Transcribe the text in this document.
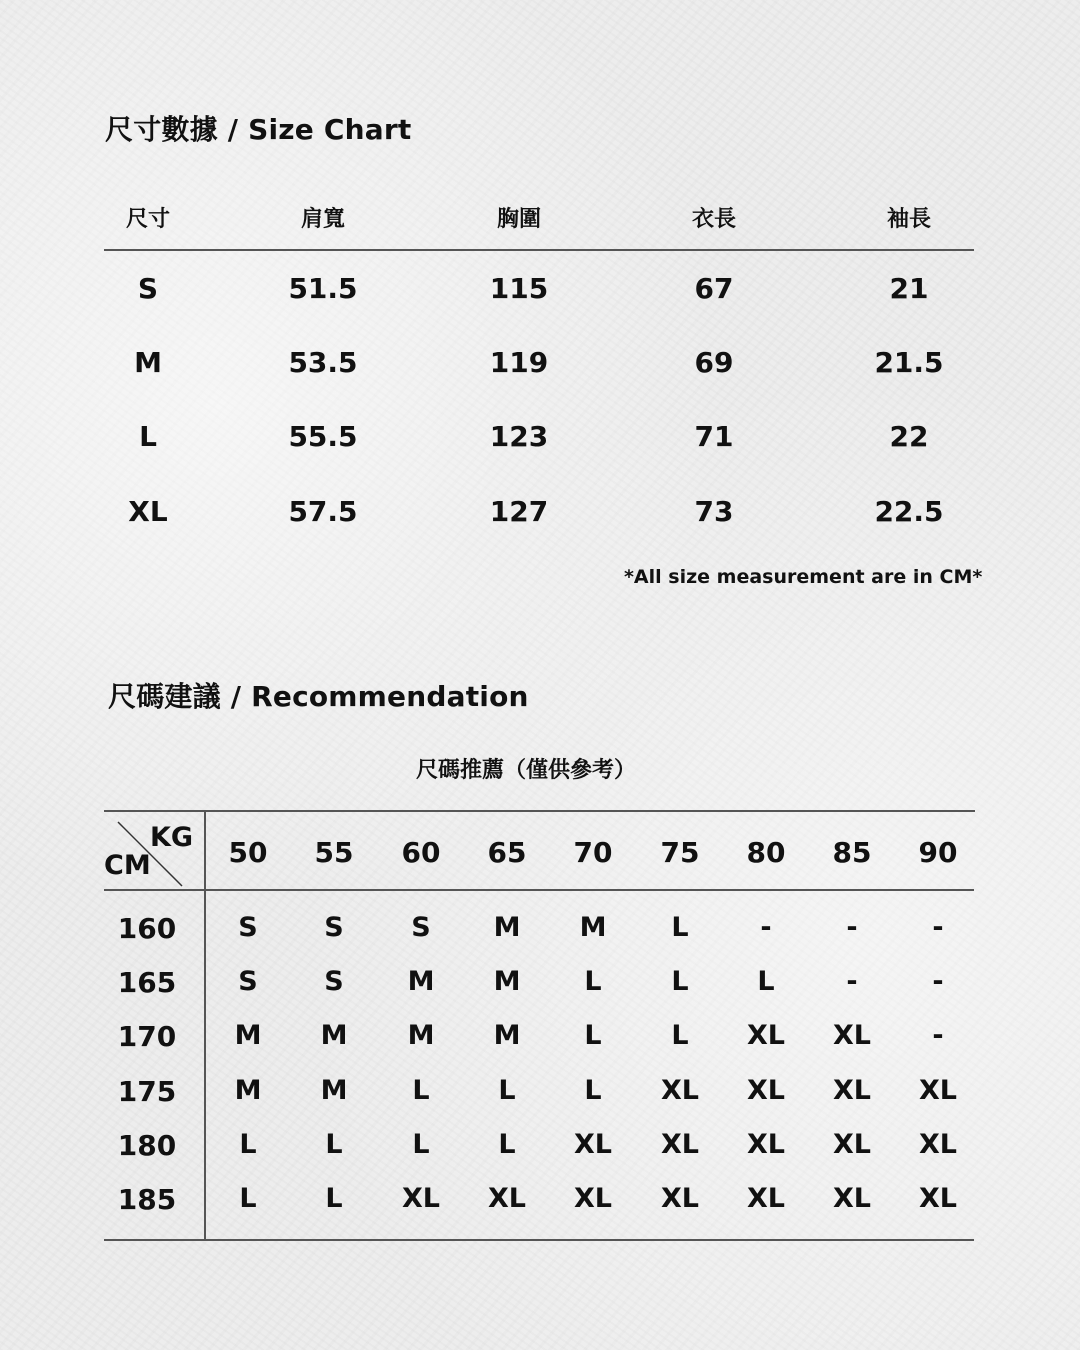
尺寸數據 / Size Chart
尺寸	肩寬	胸圍	衣長	袖長
S	51.5	115	67	21
M	53.5	119	69	21.5
L	55.5	123	71	22
XL	57.5	127	73	22.5
*All size measurement are in CM*
尺碼建議 / Recommendation
尺碼推薦（僅供參考）
KG
CM	50	55	60	65	70	75	80	85	90
160	S	S	S	M	M	L	-	-	-
165	S	S	M	M	L	L	L	-	-
170	M	M	M	M	L	L	XL	XL	-
175	M	M	L	L	L	XL	XL	XL	XL
180	L	L	L	L	XL	XL	XL	XL	XL
185	L	L	XL	XL	XL	XL	XL	XL	XL
